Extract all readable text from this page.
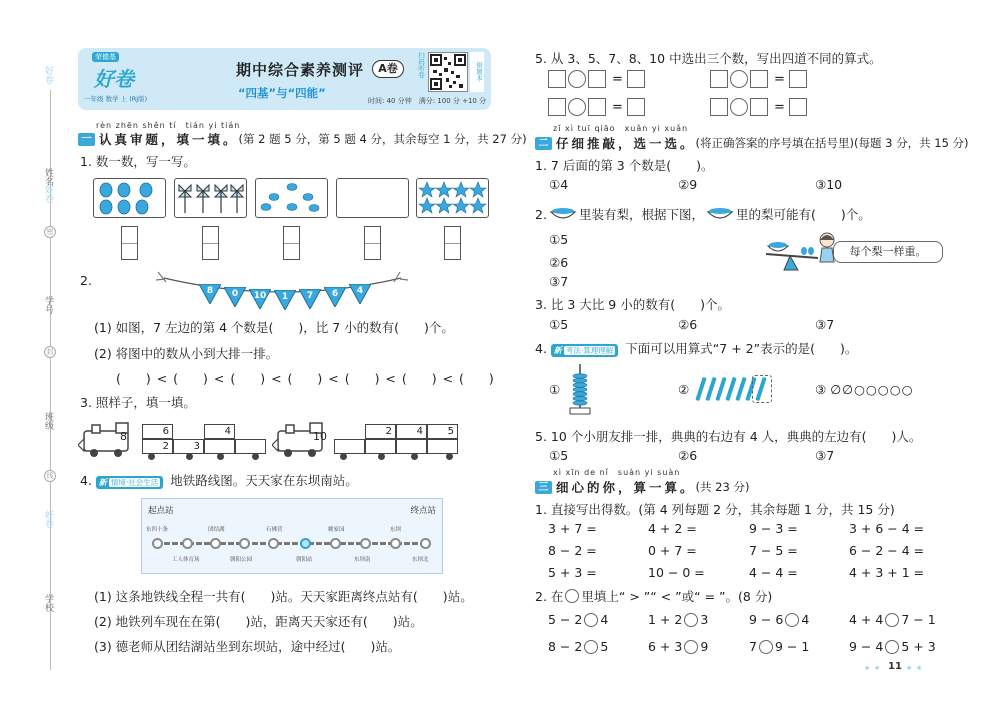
姓名
好卷
密
学号
封
班级
线
好卷
学校
好卷
荣德基
好卷
一年级 数学 上 (RJ版)
期中综合素养测评	A卷
“四基”与“四能”
时间: 40 分钟　满分: 100 分 +10 分
扫码听卷	错题本
rèn zhēn shěn tí　tián yi tián
一 认真审题，填一填。 (第 2 题 5 分，第 5 题 4 分，其余每空 1 分，共 27 分)
1. 数一数，写一写。
2.
8	0	10	1	7	6	4
(1) 如图，7 左边的第 4 个数是(　　)，比 7 小的数有(　　)个。
(2) 将图中的数从小到大排一排。
(　　) < (　　) < (　　) < (　　) < (　　) < (　　) < (　　)
3. 照样子，填一填。
8	6	4
2	3
10	2	4	5
4. 新 情境·社会生活 地铁路线图。天天家在东坝南站。
起点站	终点站
东四十条	团结湖	石佛营	姚家园	东坝
工人体育场	朝阳公园	朝阳站	东坝南	东坝北
(1) 这条地铁线全程一共有(　　)站。天天家距离终点站有(　　)站。
(2) 地铁列车现在在第(　　)站，距离天天家还有(　　)站。
(3) 德老师从团结湖站坐到东坝站，途中经过(　　)站。
5. 从 3、5、7、8、10 中选出三个数，写出四道不同的算式。
=	=
=	=
zǐ xì tuī qiāo　xuǎn yi xuǎn
二 仔细推敲，选一选。 (将正确答案的序号填在括号里)(每题 3 分，共 15 分)
1. 7 后面的第 3 个数是(　　)。
①4	②9	③10
2.	里装有梨，根据下图，	里的梨可能有(　　)个。
①5
②6
③7
每个梨一样重。
3. 比 3 大比 9 小的数有(　　)个。
①5	②6	③7
4. 新 考法·算理理解 下面可以用算式“7 + 2”表示的是(　　)。
①	②	③ ∅∅○○○○○
5. 10 个小朋友排一排，典典的右边有 4 人，典典的左边有(　　)人。
①5	②6	③7
xì xīn de nǐ　suàn yi suàn
三 细心的你，算一算。 (共 23 分)
1. 直接写出得数。(第 4 列每题 2 分，其余每题 1 分，共 15 分)
3 + 7 =	4 + 2 =	9 − 3 =	3 + 6 − 4 =
8 − 2 =	0 + 7 =	7 − 5 =	6 − 2 − 4 =
5 + 3 =	10 − 0 =	4 − 4 =	4 + 3 + 1 =
2. 在 里填上“ > ”“ < ”或“ = ”。(8 分)
5 − 2 4	1 + 2 3	9 − 6 4	4 + 4 7 − 1
8 − 2 5	6 + 3 9	7 9 − 1	9 − 4 5 + 3
★ ★ 11 ★ ★
